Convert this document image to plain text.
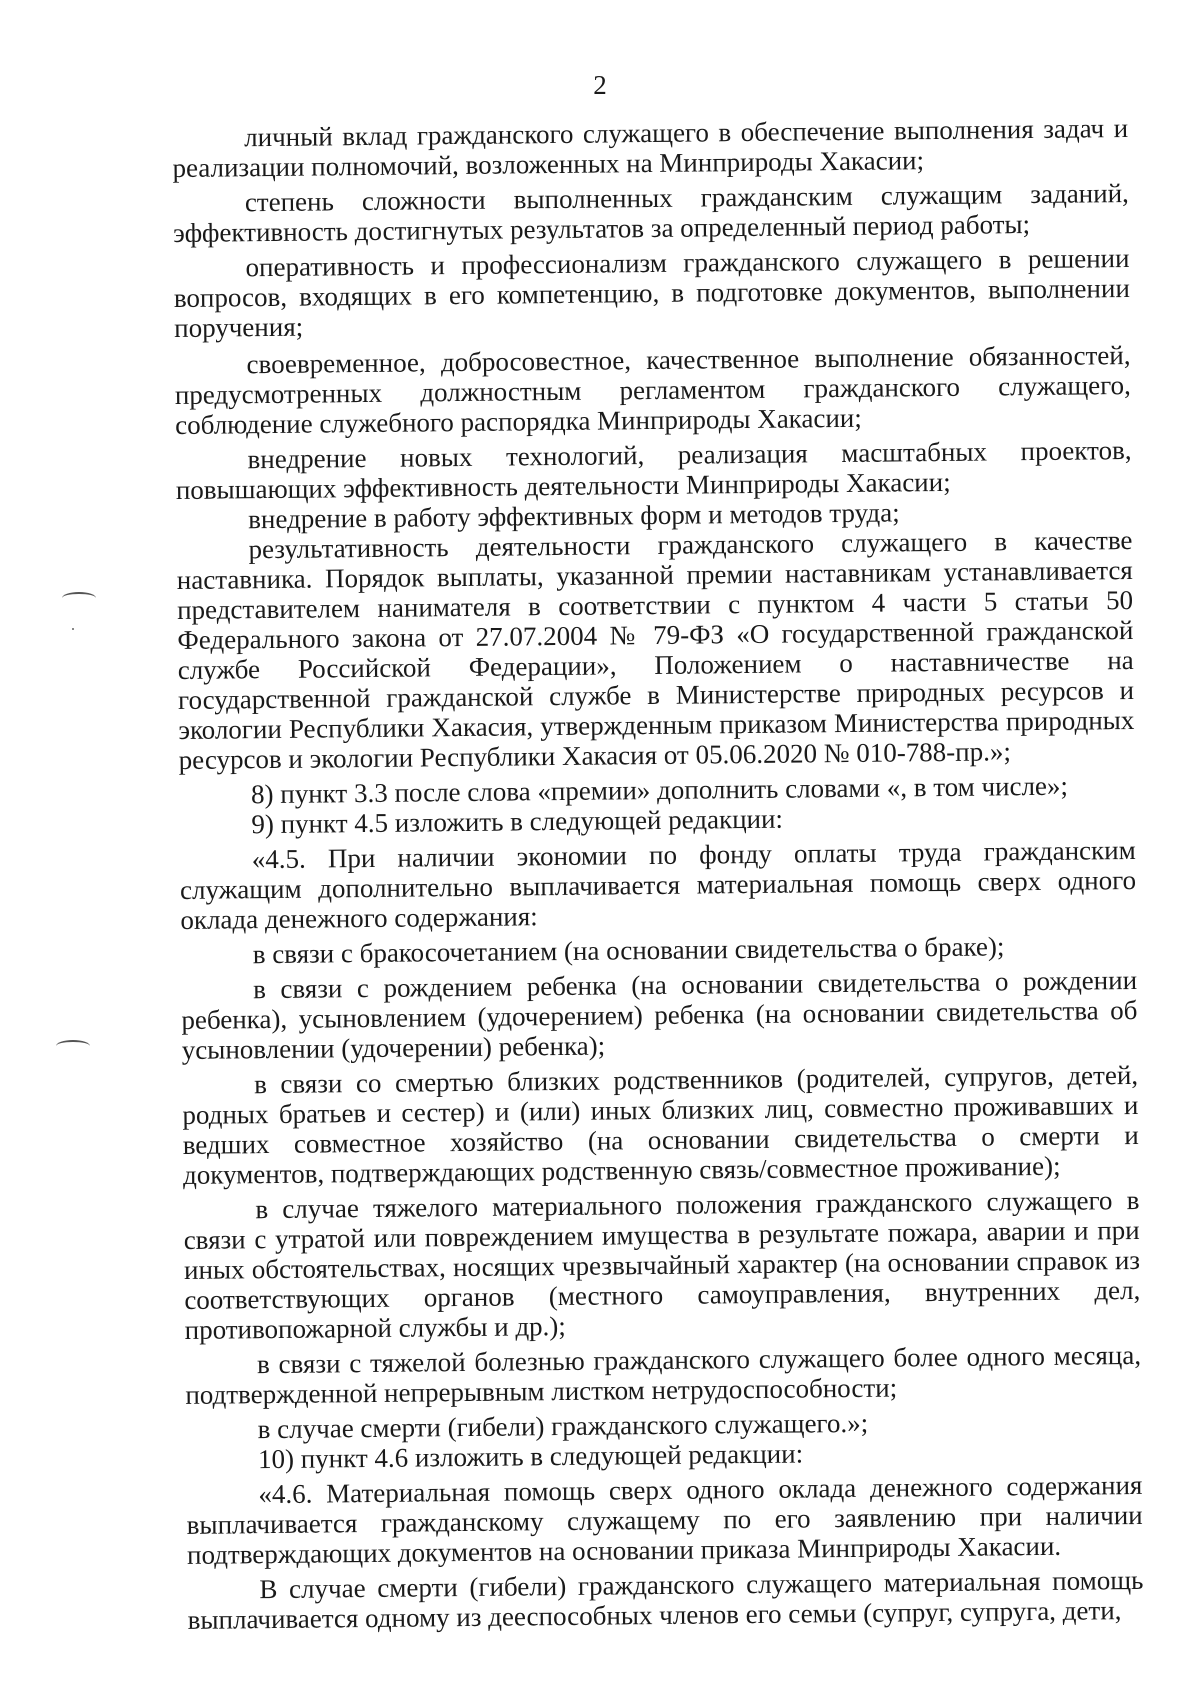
2

личный вклад гражданского служащего в обеспечение выполнения задач и реализации полномочий, возложенных на Минприроды Хакасии;

степень сложности выполненных гражданским служащим заданий, эффективность достигнутых результатов за определенный период работы;

оперативность и профессионализм гражданского служащего в решении вопросов, входящих в его компетенцию, в подготовке документов, выполнении поручения;

своевременное, добросовестное, качественное выполнение обязанностей, предусмотренных должностным регламентом гражданского служащего, соблюдение служебного распорядка Минприроды Хакасии;

внедрение новых технологий, реализация масштабных проектов, повышающих эффективность деятельности Минприроды Хакасии;

внедрение в работу эффективных форм и методов труда;

результативность деятельности гражданского служащего в качестве наставника. Порядок выплаты, указанной премии наставникам устанавливается представителем нанимателя в соответствии с пунктом 4 части 5 статьи 50 Федерального закона от 27.07.2004 № 79-ФЗ «О государственной гражданской службе Российской Федерации», Положением о наставничестве на государственной гражданской службе в Министерстве природных ресурсов и экологии Республики Хакасия, утвержденным приказом Министерства природных ресурсов и экологии Республики Хакасия от 05.06.2020 № 010-788-пр.»;

8) пункт 3.3 после слова «премии» дополнить словами «, в том числе»;

9) пункт 4.5 изложить в следующей редакции:

«4.5. При наличии экономии по фонду оплаты труда гражданским служащим дополнительно выплачивается материальная помощь сверх одного оклада денежного содержания:

в связи с бракосочетанием (на основании свидетельства о браке);

в связи с рождением ребенка (на основании свидетельства о рождении ребенка), усыновлением (удочерением) ребенка (на основании свидетельства об усыновлении (удочерении) ребенка);

в связи со смертью близких родственников (родителей, супругов, детей, родных братьев и сестер) и (или) иных близких лиц, совместно проживавших и ведших совместное хозяйство (на основании свидетельства о смерти и документов, подтверждающих родственную связь/совместное проживание);

в случае тяжелого материального положения гражданского служащего в связи с утратой или повреждением имущества в результате пожара, аварии и при иных обстоятельствах, носящих чрезвычайный характер (на основании справок из соответствующих органов (местного самоуправления, внутренних дел, противопожарной службы и др.);

в связи с тяжелой болезнью гражданского служащего более одного месяца, подтвержденной непрерывным листком нетрудоспособности;

в случае смерти (гибели) гражданского служащего.»;

10) пункт 4.6 изложить в следующей редакции:

«4.6. Материальная помощь сверх одного оклада денежного содержания выплачивается гражданскому служащему по его заявлению при наличии подтверждающих документов на основании приказа Минприроды Хакасии.

В случае смерти (гибели) гражданского служащего материальная помощь выплачивается одному из дееспособных членов его семьи (супруг, супруга, дети,
